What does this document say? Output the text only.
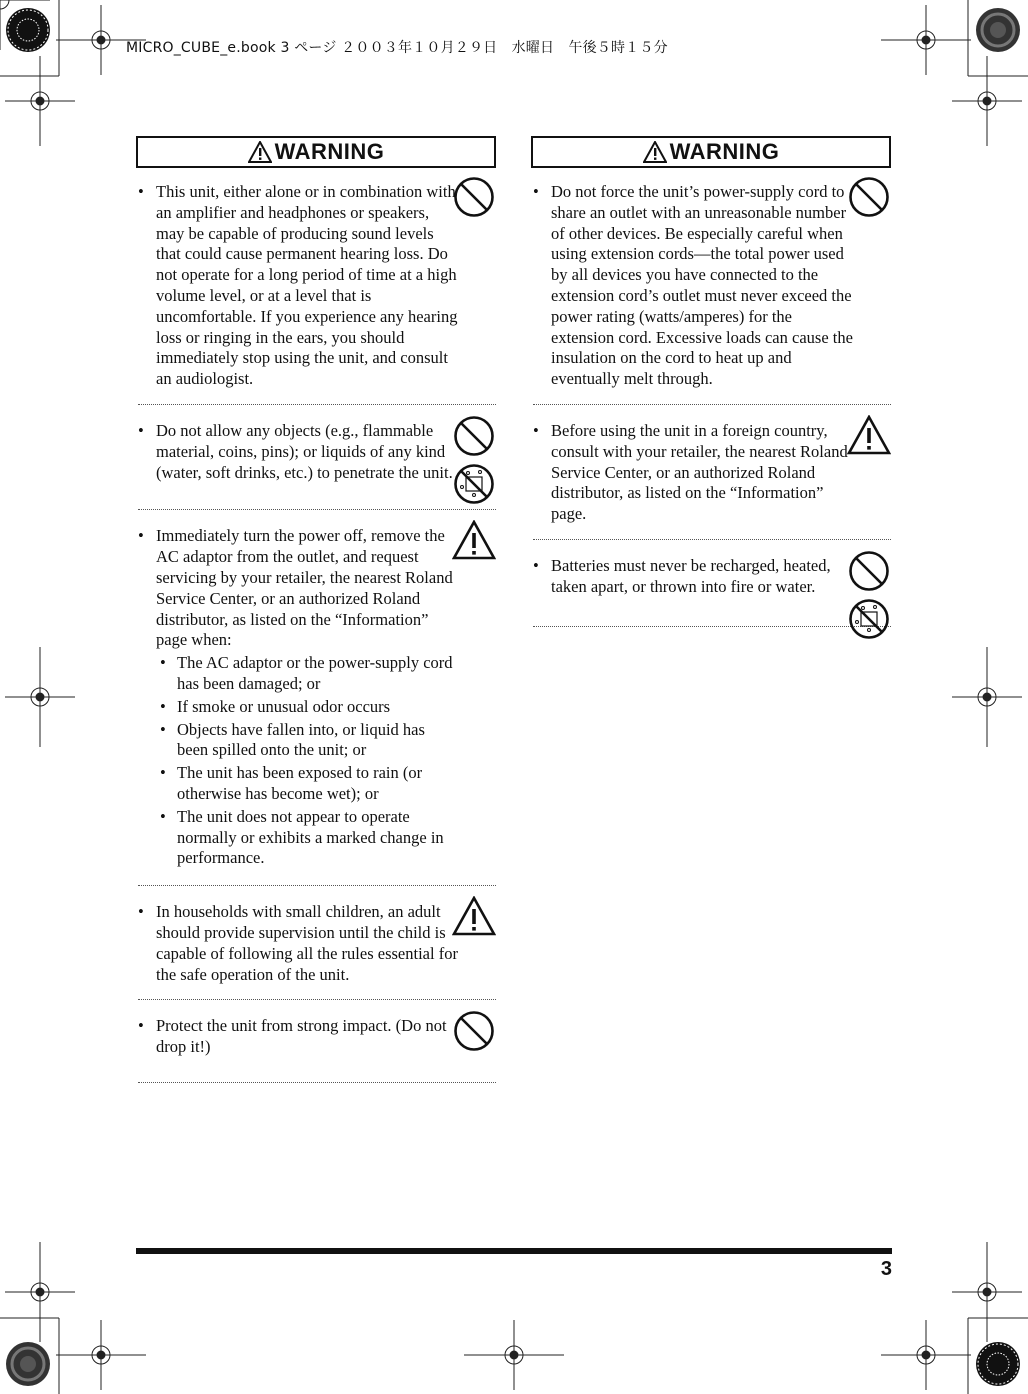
MICRO_CUBE_e.book 3 ページ ２００３年１０月２９日　水曜日　午後５時１５分
WARNING
• This unit, either alone or in combination with an amplifier and headphones or speakers, may be capable of producing sound levels that could cause permanent hearing loss. Do not operate for a long period of time at a high volume level, or at a level that is uncomfortable. If you experience any hearing loss or ringing in the ears, you should immediately stop using the unit, and consult an audiologist.
• Do not allow any objects (e.g., flammable material, coins, pins); or liquids of any kind (water, soft drinks, etc.) to penetrate the unit.
• Immediately turn the power off, remove the AC adaptor from the outlet, and request servicing by your retailer, the nearest Roland Service Center, or an authorized Roland distributor, as listed on the “Information” page when:
• The AC adaptor or the power-supply cord has been damaged; or
• If smoke or unusual odor occurs
• Objects have fallen into, or liquid has been spilled onto the unit; or
• The unit has been exposed to rain (or otherwise has become wet); or
• The unit does not appear to operate normally or exhibits a marked change in performance.
• In households with small children, an adult should provide supervision until the child is capable of following all the rules essential for the safe operation of the unit.
• Protect the unit from strong impact. (Do not drop it!)
WARNING
• Do not force the unit’s power-supply cord to share an outlet with an unreasonable number of other devices. Be especially careful when using extension cords—the total power used by all devices you have connected to the extension cord’s outlet must never exceed the power rating (watts/amperes) for the extension cord. Excessive loads can cause the insulation on the cord to heat up and eventually melt through.
• Before using the unit in a foreign country, consult with your retailer, the nearest Roland Service Center, or an authorized Roland distributor, as listed on the “Information” page.
• Batteries must never be recharged, heated, taken apart, or thrown into fire or water.
3
